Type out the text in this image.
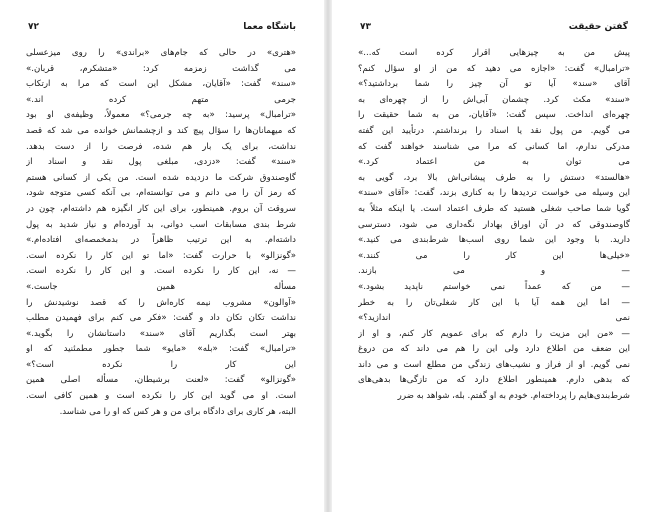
باشگاه معما
۷۲
«هتری» در حالی که جام‌های «براندی» را روی میزعسلی
می گذاشت زمزمه کرد: «متشکرم، قربان.»
«سند» گفت: «آقایان، مشکل این است که مرا به ارتکاب
جرمی متهم کرده اند.»
«ترامبال» پرسید: «به چه جرمی؟» معمولاً، وظیفه‌ی او بود
که میهمانان‌ها را سؤال پیچ کند و ازچشمانش خوانده می شد که قصد
نداشت، برای یک بار هم شده، فرصت را از دست بدهد.
«سند» گفت: «دزدی، مبلغی پول نقد و اسناد از
گاوصندوق شرکت ما دزدیده شده است. من یکی از کسانی هستم
که رمز آن را می دانم و می توانسته‌ام، بی آنکه کسی متوجه شود،
سروقت آن بروم. همینطور، برای این کار انگیزه هم داشته‌ام، چون در
شرط بندی مسابقات اسب دوانی، بد آورده‌ام و نیاز شدید به پول
داشته‌ام. به این ترتیب ظاهراً در بدمخمصه‌ای افتاده‌ام.»
«گونزالو» با حرارت گفت: «اما تو این کار را نکرده است.
— نه، این کار را نکرده است. و این کار را نکرده است.
مسأله همین جاست.»
«آوالون» مشروب نیمه کاره‌اش را که قصد نوشیدنش را
نداشت تکان تکان داد و گفت: «فکر می کنم برای فهمیدن مطلب
بهتر است بگذاریم آقای «سند» داستانشان را بگوید.»
«ترامبال» گفت: «بله» «مایو» شما جطور مطمئنید که او
این کار را نکرده است؟»
«گونزالو» گفت: «لعنت برشیطان، مسأله اصلی همین
است. او می گوید این کار را نکرده است و همین کافی است.
البته، هر کاری برای دادگاه برای من و هر کس که او را می شناسد.
گفتن حقیقت
۷۳
پیش من به چیزهایی اقرار کرده است که...»
«ترامبال» گفت: «اجازه می دهید که من از او سؤال کنم؟
آقای «سند» آیا تو آن چیز را شما برداشتید؟»
«سند» مکث کرد. چشمان آبی‌اش را از چهره‌ای به
چهره‌ای انداخت. سپس گفت: «آقایان، من به شما حقیقت را
می گویم. من پول نقد یا اسناد را برنداشتم. درتأیید این گفته
مدرکی ندارم، اما کسانی که مرا می شناسند خواهند گفت که
می توان به من اعتماد کرد.»
«هالستد» دستش را به طرف پیشانی‌اش بالا برد، گویی به
این وسیله می خواست تردیدها را به کناری بزند، گفت: «آقای «سند»
گویا شما صاحب شغلی هستید که طرف اعتماد است. یا اینکه مثلاً به
گاوصندوقی که در آن اوراق بهادار نگه‌داری می شود، دسترسی
دارید. با وجود این شما روی اسب‌ها شرط‌بندی می کنید.»
«خیلی‌ها این کار را می کنند.»
— و می بازند.
— من که عمداً نمی خواستم ناپدید بشود.»
— اما این همه آیا با این کار شغلی‌تان را به خطر
نمی اندازید؟»
— «من این مزیت را دارم که برای عمویم کار کنم، و او از
این ضعف من اطلاع دارد ولی این را هم می داند که من دروغ
نمی گویم. او از فراز و نشیب‌های زندگی من مطلع است و می داند
که بدهی دارم. همینطور اطلاع دارد که من تازگی‌ها بدهی‌های
شرط‌بندی‌هایم را پرداخته‌ام. خودم به او گفتم. بله، شواهد به ضرر
